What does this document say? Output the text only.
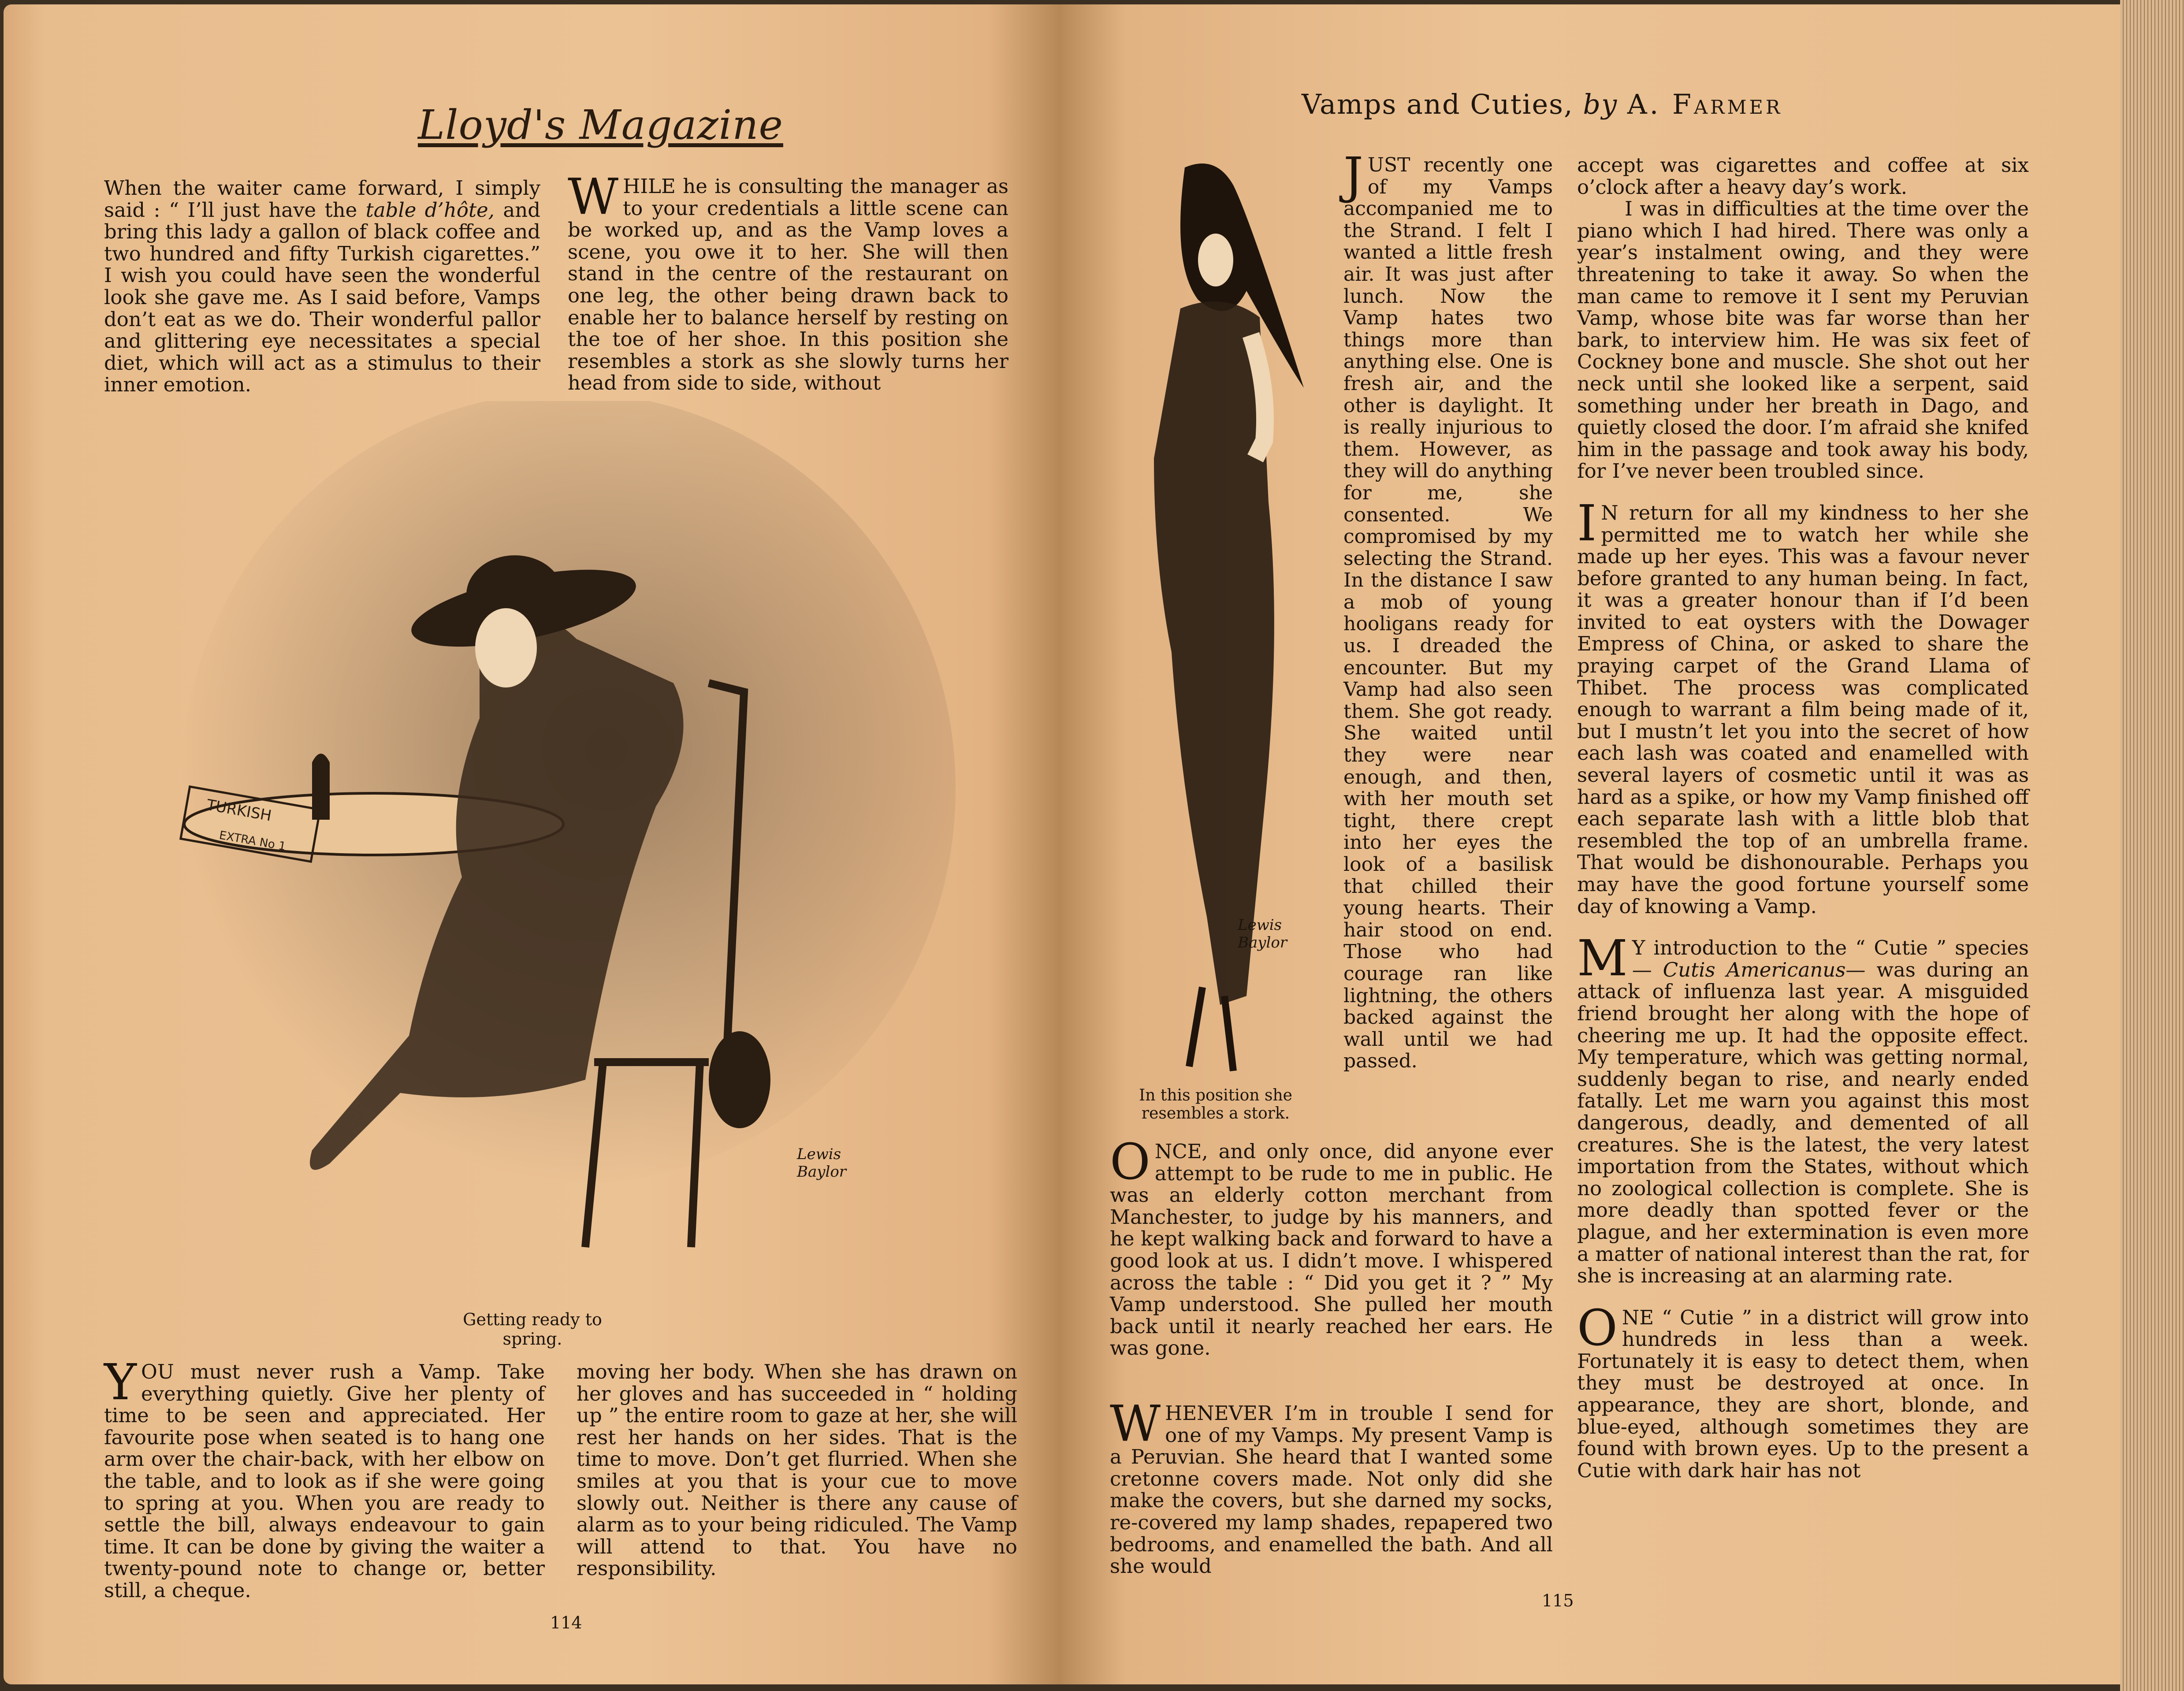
Lloyd's Magazine

When the waiter came forward, I simply said : “ I’ll just have the table d’hôte, and bring this lady a gallon of black coffee and two hundred and fifty Turkish cigarettes.” I wish you could have seen the wonderful look she gave me. As I said before, Vamps don’t eat as we do. Their wonderful pallor and glittering eye necessitates a special diet, which will act as a stimulus to their inner emotion.

WHILE he is consulting the manager as to your credentials a little scene can be worked up, and as the Vamp loves a scene, you owe it to her. She will then stand in the centre of the restaurant on one leg, the other being drawn back to enable her to balance herself by resting on the toe of her shoe. In this position she resembles a stork as she slowly turns her head from side to side, without

TURKISH
EXTRA No 1
Lewis
Baylor
Getting ready to spring.

YOU must never rush a Vamp. Take everything quietly. Give her plenty of time to be seen and appreciated. Her favourite pose when seated is to hang one arm over the chair-back, with her elbow on the table, and to look as if she were going to spring at you. When you are ready to settle the bill, always endeavour to gain time. It can be done by giving the waiter a twenty-pound note to change or, better still, a cheque.

moving her body. When she has drawn on her gloves and has succeeded in “ holding up ” the entire room to gaze at her, she will rest her hands on her sides. That is the time to move. Don’t get flurried. When she smiles at you that is your cue to move slowly out. Neither is there any cause of alarm as to your being ridiculed. The Vamp will attend to that. You have no responsibility.

114
Vamps and Cuties, by A. Farmer
Lewis
Baylor
In this position she
resembles a stork.

JUST recently one of my Vamps accompanied me to the Strand. I felt I wanted a little fresh air. It was just after lunch. Now the Vamp hates two things more than anything else. One is fresh air, and the other is daylight. It is really injurious to them. However, as they will do anything for me, she consented. We compromised by my selecting the Strand. In the distance I saw a mob of young hooligans ready for us. I dreaded the encounter. But my Vamp had also seen them. She got ready. She waited until they were near enough, and then, with her mouth set tight, there crept into her eyes the look of a basilisk that chilled their young hearts. Their hair stood on end. Those who had courage ran like lightning, the others backed against the wall until we had passed.

ONCE, and only once, did anyone ever attempt to be rude to me in public. He was an elderly cotton merchant from Manchester, to judge by his manners, and he kept walking back and forward to have a good look at us. I didn’t move. I whispered across the table : “ Did you get it ? ” My Vamp understood. She pulled her mouth back until it nearly reached her ears. He was gone.

WHENEVER I’m in trouble I send for one of my Vamps. My present Vamp is a Peruvian. She heard that I wanted some cretonne covers made. Not only did she make the covers, but she darned my socks, re-covered my lamp shades, repapered two bedrooms, and enamelled the bath. And all she would

accept was cigarettes and coffee at six o’clock after a heavy day’s work.

I was in difficulties at the time over the piano which I had hired. There was only a year’s instalment owing, and they were threatening to take it away. So when the man came to remove it I sent my Peruvian Vamp, whose bite was far worse than her bark, to interview him. He was six feet of Cockney bone and muscle. She shot out her neck until she looked like a serpent, said something under her breath in Dago, and quietly closed the door. I’m afraid she knifed him in the passage and took away his body, for I’ve never been troubled since.

I N return for all my kindness to her she permitted me to watch her while she made up her eyes. This was a favour never before granted to any human being. In fact, it was a greater honour than if I’d been invited to eat oysters with the Dowager Empress of China, or asked to share the praying carpet of the Grand Llama of Thibet. The process was complicated enough to warrant a film being made of it, but I mustn’t let you into the secret of how each lash was coated and enamelled with several layers of cosmetic until it was as hard as a spike, or how my Vamp finished off each separate lash with a little blob that resembled the top of an umbrella frame. That would be dishonourable. Perhaps you may have the good fortune yourself some day of knowing a Vamp.

M Y introduction to the “ Cutie ” species — Cutis Americanus— was during an attack of influenza last year. A misguided friend brought her along with the hope of cheering me up. It had the opposite effect. My temperature, which was getting normal, suddenly began to rise, and nearly ended fatally. Let me warn you against this most dangerous, deadly, and demented of all creatures. She is the latest, the very latest importation from the States, without which no zoological collection is complete. She is more deadly than spotted fever or the plague, and her extermination is even more a matter of national interest than the rat, for she is increasing at an alarming rate.

ONE “ Cutie ” in a district will grow into hundreds in less than a week. Fortunately it is easy to detect them, when they must be destroyed at once. In appearance, they are short, blonde, and blue-eyed, although sometimes they are found with brown eyes. Up to the present a Cutie with dark hair has not

115
